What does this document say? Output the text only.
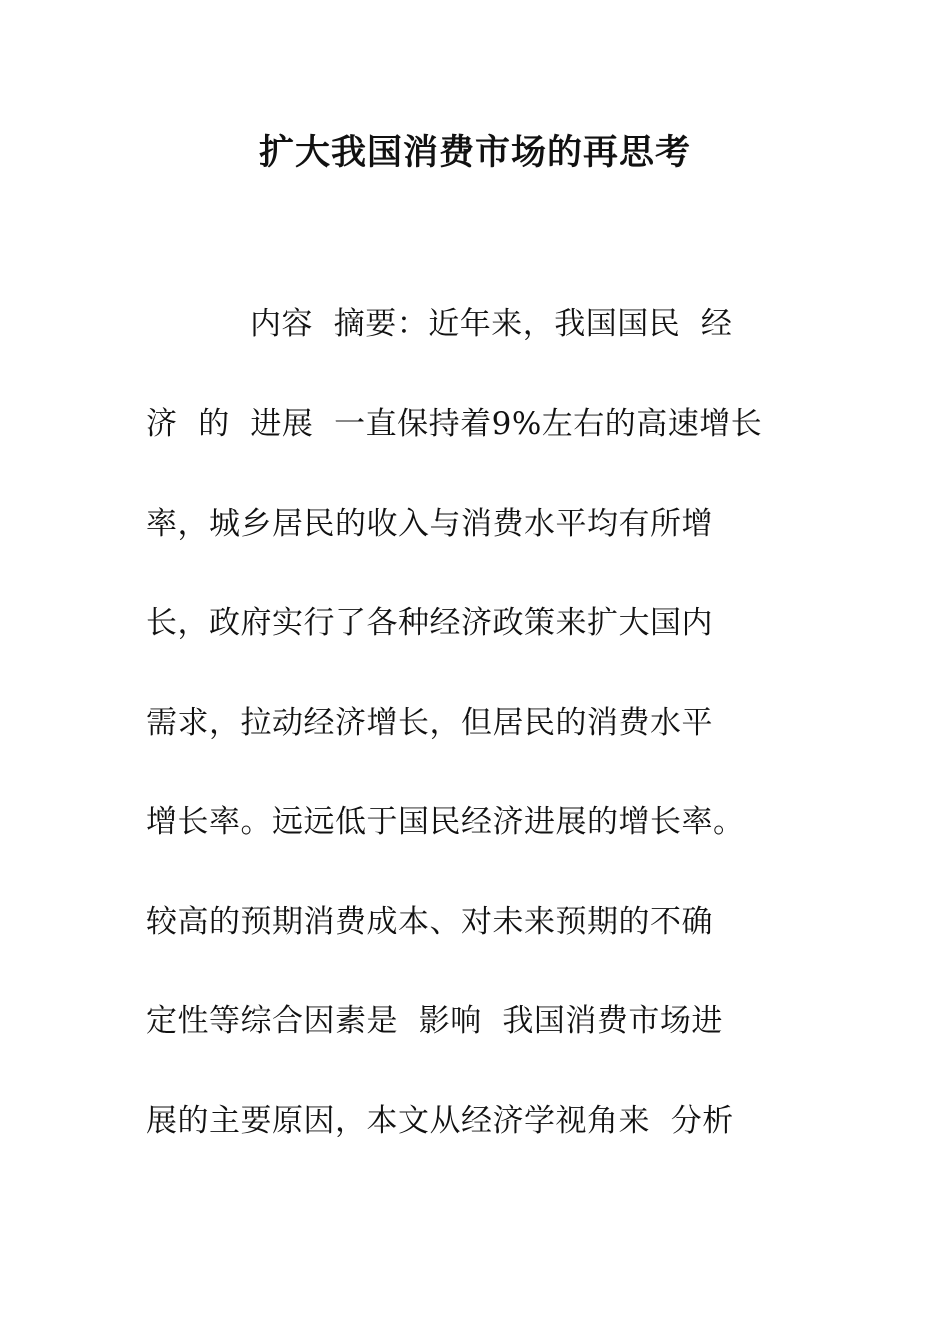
扩大我国消费市场的再思考
内容  摘要：近年来，我国国民  经
济  的  进展  一直保持着9%左右的高速增长
率，城乡居民的收入与消费水平均有所增
长，政府实行了各种经济政策来扩大国内
需求，拉动经济增长，但居民的消费水平
增长率。远远低于国民经济进展的增长率。
较高的预期消费成本、对未来预期的不确
定性等综合因素是  影响  我国消费市场进
展的主要原因，本文从经济学视角来  分析
